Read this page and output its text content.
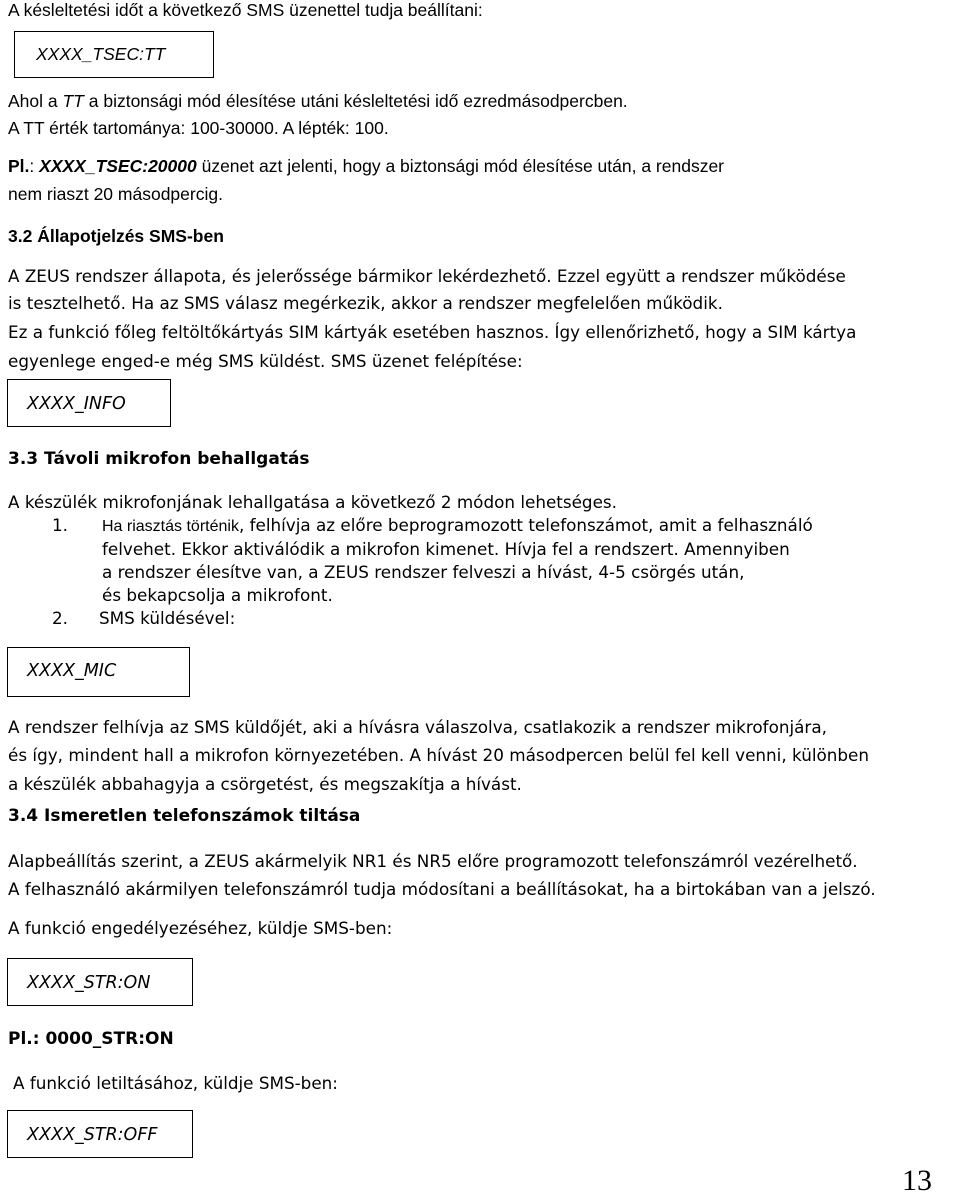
A késleltetési időt a következő SMS üzenettel tudja beállítani:
XXXX_TSEC:TT
Ahol a TT a biztonsági mód élesítése utáni késleltetési idő ezredmásodpercben.
A TT érték tartománya: 100-30000. A lépték: 100.
Pl.: XXXX_TSEC:20000 üzenet azt jelenti, hogy a biztonsági mód élesítése után, a rendszer
nem riaszt 20 másodpercig.
3.2 Állapotjelzés SMS-ben
A ZEUS rendszer állapota, és jelerőssége bármikor lekérdezhető. Ezzel együtt a rendszer működése
is tesztelhető. Ha az SMS válasz megérkezik, akkor a rendszer megfelelően működik.
Ez a funkció főleg feltöltőkártyás SIM kártyák esetében hasznos. Így ellenőrizhető, hogy a SIM kártya
egyenlege enged-e még SMS küldést. SMS üzenet felépítése:
XXXX_INFO
3.3 Távoli mikrofon behallgatás
A készülék mikrofonjának lehallgatása a következő 2 módon lehetséges.
1. Ha riasztás történik, felhívja az előre beprogramozott telefonszámot, amit a felhasználó
felvehet. Ekkor aktiválódik a mikrofon kimenet. Hívja fel a rendszert. Amennyiben
a rendszer élesítve van, a ZEUS rendszer felveszi a hívást, 4-5 csörgés után,
és bekapcsolja a mikrofont.
2. SMS küldésével:
XXXX_MIC
A rendszer felhívja az SMS küldőjét, aki a hívásra válaszolva, csatlakozik a rendszer mikrofonjára,
és így, mindent hall a mikrofon környezetében. A hívást 20 másodpercen belül fel kell venni, különben
a készülék abbahagyja a csörgetést, és megszakítja a hívást.
3.4 Ismeretlen telefonszámok tiltása
Alapbeállítás szerint, a ZEUS akármelyik NR1 és NR5 előre programozott telefonszámról vezérelhető.
A felhasználó akármilyen telefonszámról tudja módosítani a beállításokat, ha a birtokában van a jelszó.
A funkció engedélyezéséhez, küldje SMS-ben:
XXXX_STR:ON
Pl.: 0000_STR:ON
A funkció letiltásához, küldje SMS-ben:
XXXX_STR:OFF
13
